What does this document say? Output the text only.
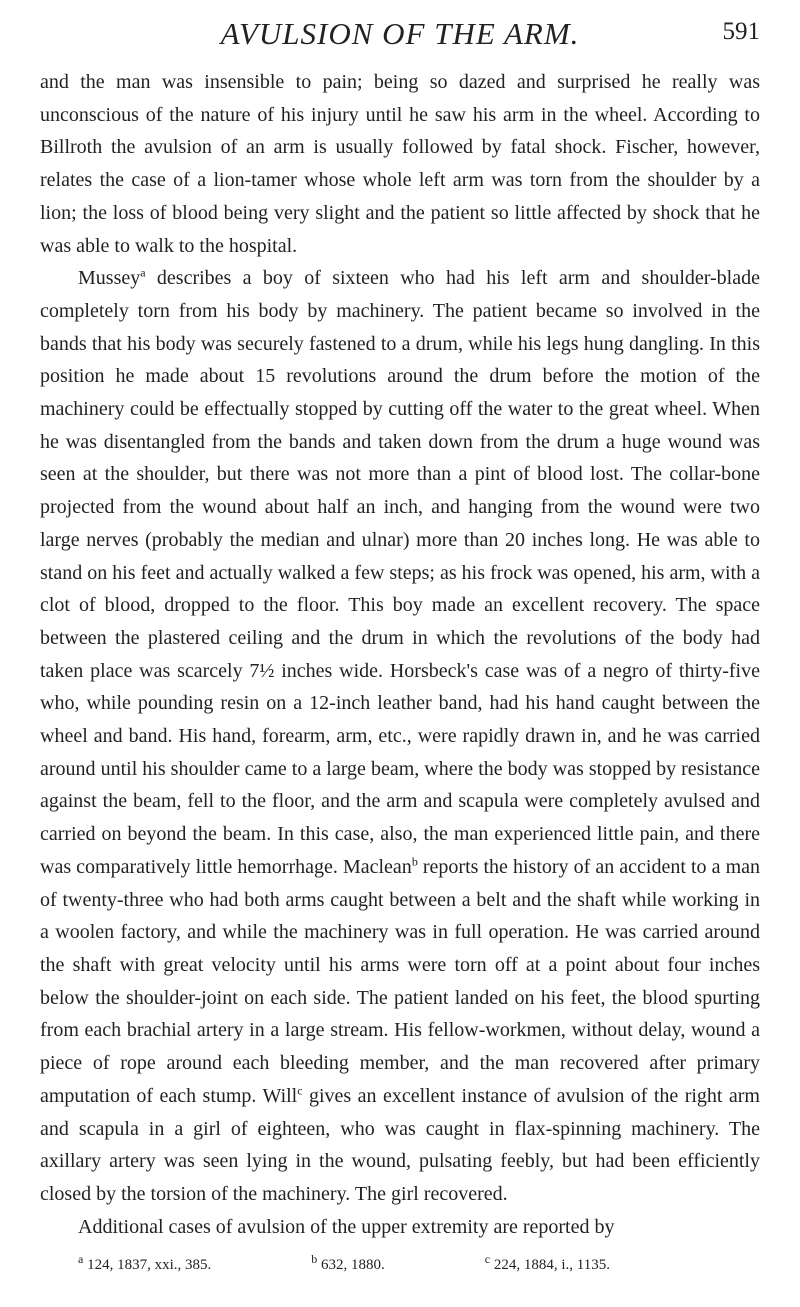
AVULSION OF THE ARM.	591

and the man was insensible to pain; being so dazed and surprised he really was unconscious of the nature of his injury until he saw his arm in the wheel. According to Billroth the avulsion of an arm is usually followed by fatal shock. Fischer, however, relates the case of a lion-tamer whose whole left arm was torn from the shoulder by a lion; the loss of blood being very slight and the patient so little affected by shock that he was able to walk to the hospital.

Mussey$^a$ describes a boy of sixteen who had his left arm and shoulder-blade completely torn from his body by machinery. The patient became so involved in the bands that his body was securely fastened to a drum, while his legs hung dangling. In this position he made about 15 revolutions around the drum before the motion of the machinery could be effectually stopped by cutting off the water to the great wheel. When he was disentangled from the bands and taken down from the drum a huge wound was seen at the shoulder, but there was not more than a pint of blood lost. The collar-bone projected from the wound about half an inch, and hanging from the wound were two large nerves (probably the median and ulnar) more than 20 inches long. He was able to stand on his feet and actually walked a few steps; as his frock was opened, his arm, with a clot of blood, dropped to the floor. This boy made an excellent recovery. The space between the plastered ceiling and the drum in which the revolutions of the body had taken place was scarcely 7½ inches wide. Horsbeck's case was of a negro of thirty-five who, while pounding resin on a 12-inch leather band, had his hand caught between the wheel and band. His hand, forearm, arm, etc., were rapidly drawn in, and he was carried around until his shoulder came to a large beam, where the body was stopped by resistance against the beam, fell to the floor, and the arm and scapula were completely avulsed and carried on beyond the beam. In this case, also, the man experienced little pain, and there was comparatively little hemorrhage. Maclean$^b$ reports the history of an accident to a man of twenty-three who had both arms caught between a belt and the shaft while working in a woolen factory, and while the machinery was in full operation. He was carried around the shaft with great velocity until his arms were torn off at a point about four inches below the shoulder-joint on each side. The patient landed on his feet, the blood spurting from each brachial artery in a large stream. His fellow-workmen, without delay, wound a piece of rope around each bleeding member, and the man recovered after primary amputation of each stump. Will$^c$ gives an excellent instance of avulsion of the right arm and scapula in a girl of eighteen, who was caught in flax-spinning machinery. The axillary artery was seen lying in the wound, pulsating feebly, but had been efficiently closed by the torsion of the machinery. The girl recovered.

Additional cases of avulsion of the upper extremity are reported by

$^a$ 124, 1837, xxi., 385.	$^b$ 632, 1880.	$^c$ 224, 1884, i., 1135.
